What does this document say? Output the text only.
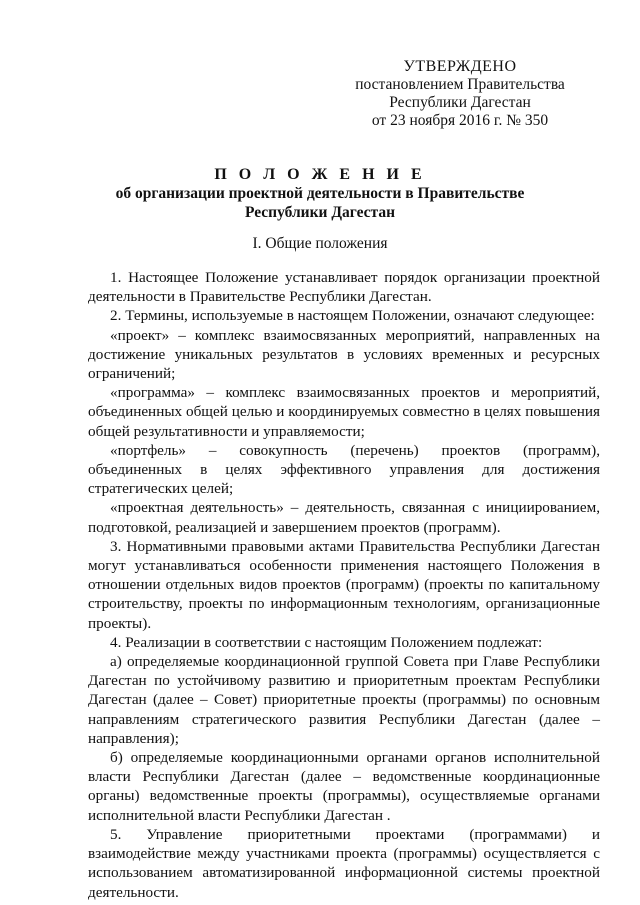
УТВЕРЖДЕНО
постановлением Правительства
Республики Дагестан
от 23 ноября 2016 г. № 350
П О Л О Ж Е Н И Е
об организации проектной деятельности в Правительстве
Республики Дагестан
I. Общие положения

1. Настоящее Положение устанавливает порядок организации проектной деятельности в Правительстве Республики Дагестан.

2. Термины, используемые в настоящем Положении, означают следующее:

«проект» – комплекс взаимосвязанных мероприятий, направленных на достижение уникальных результатов в условиях временных и ресурсных ограничений;

«программа» – комплекс взаимосвязанных проектов и мероприятий, объединенных общей целью и координируемых совместно в целях повышения общей результативности и управляемости;

«портфель» – совокупность (перечень) проектов (программ), объединенных в целях эффективного управления для достижения стратегических целей;

«проектная деятельность» – деятельность, связанная с инициированием, подготовкой, реализацией и завершением проектов (программ).

3. Нормативными правовыми актами Правительства Республики Дагестан могут устанавливаться особенности применения настоящего Положения в отношении отдельных видов проектов (программ) (проекты по капитальному строительству, проекты по информационным технологиям, организационные проекты).

4. Реализации в соответствии с настоящим Положением подлежат:

а) определяемые координационной группой Совета при Главе Республики Дагестан по устойчивому развитию и приоритетным проектам Республики Дагестан (далее – Совет) приоритетные проекты (программы) по основным направлениям стратегического развития Республики Дагестан (далее – направления);

б) определяемые координационными органами органов исполнительной власти Республики Дагестан (далее – ведомственные координационные органы) ведомственные проекты (программы), осуществляемые органами исполнительной власти Республики Дагестан .

5. Управление приоритетными проектами (программами) и взаимодействие между участниками проекта (программы) осуществляется с использованием автоматизированной информационной системы проектной деятельности.
